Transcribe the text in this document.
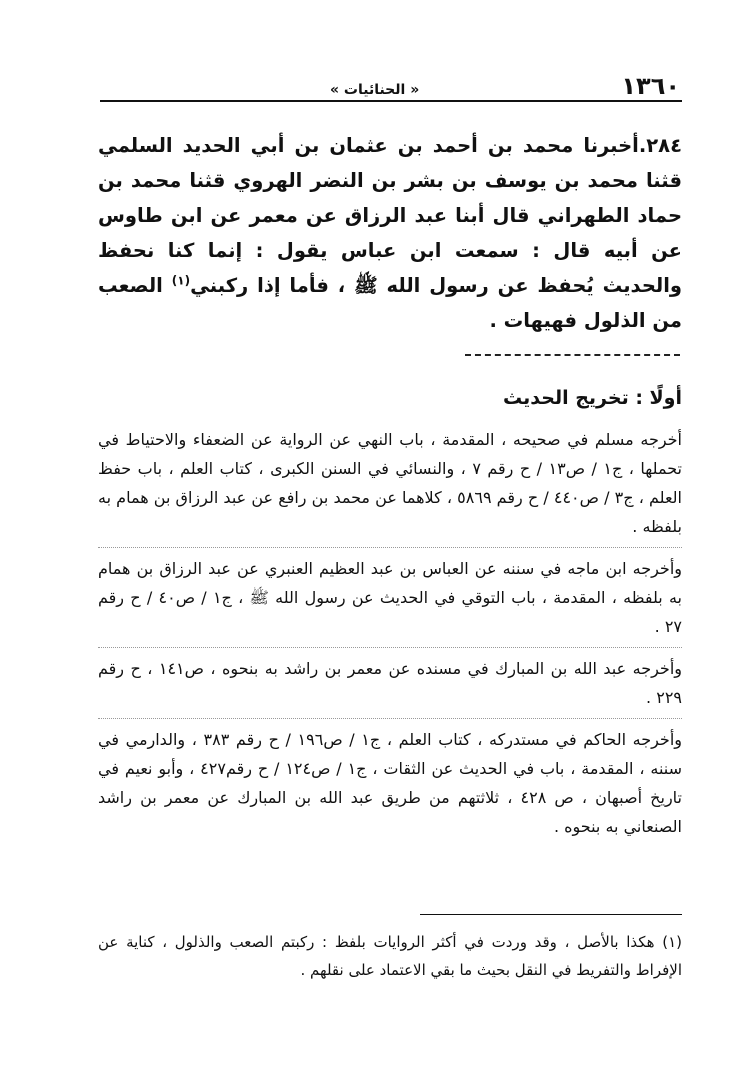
١٣٦٠
« الحنائيات »
٢٨٤.أخبرنا محمد بن أحمد بن عثمان بن أبي الحديد السلمي قثنا محمد بن يوسف بن بشر بن النضر الهروي قثنا محمد بن حماد الطهراني قال أبنا عبد الرزاق عن معمر عن ابن طاوس عن أبيه قال : سمعت ابن عباس يقول : إنما كنا نحفظ والحديث يُحفظ عن رسول الله ﷺ ، فأما إذا ركبني$^{(١)}$ الصعب من الذلول فهيهات .
أولًا : تخريج الحديث

أخرجه مسلم في صحيحه ، المقدمة ، باب النهي عن الرواية عن الضعفاء والاحتياط في تحملها ، ج١ / ص١٣ / ح رقم ٧ ، والنسائي في السنن الكبرى ، كتاب العلم ، باب حفظ العلم ، ج٣ / ص٤٤٠ / ح رقم ٥٨٦٩ ، كلاهما عن محمد بن رافع عن عبد الرزاق بن همام به بلفظه .

وأخرجه ابن ماجه في سننه عن العباس بن عبد العظيم العنبري عن عبد الرزاق بن همام به بلفظه ، المقدمة ، باب التوقي في الحديث عن رسول الله ﷺ ، ج١ / ص٤٠ / ح رقم ٢٧ .

وأخرجه عبد الله بن المبارك في مسنده عن معمر بن راشد به بنحوه ، ص١٤١ ، ح رقم ٢٢٩ .

وأخرجه الحاكم في مستدركه ، كتاب العلم ، ج١ / ص١٩٦ / ح رقم ٣٨٣ ، والدارمي في سننه ، المقدمة ، باب في الحديث عن الثقات ، ج١ / ص١٢٤ / ح رقم٤٢٧ ، وأبو نعيم في تاريخ أصبهان ، ص ٤٢٨ ، ثلاثتهم من طريق عبد الله بن المبارك عن معمر بن راشد الصنعاني به بنحوه .

(١) هكذا بالأصل ، وقد وردت في أكثر الروايات بلفظ : ركبتم الصعب والذلول ، كناية عن الإفراط والتفريط في النقل بحيث ما بقي الاعتماد على نقلهم .
